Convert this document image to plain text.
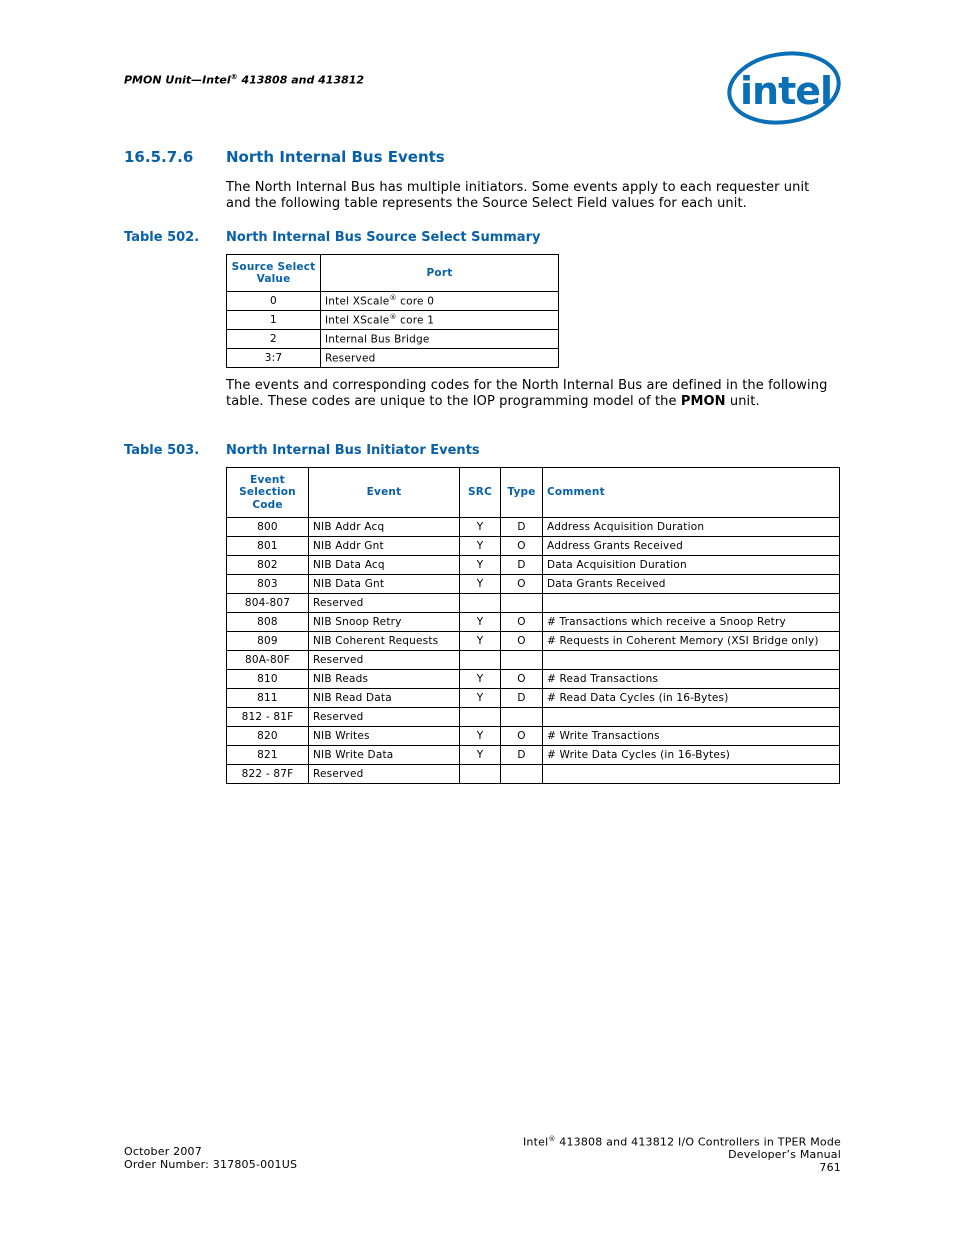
PMON Unit—Intel® 413808 and 413812	intel
16.5.7.6 North Internal Bus Events
The North Internal Bus has multiple initiators. Some events apply to each requester unit and the following table represents the Source Select Field values for each unit.
Table 502. North Internal Bus Source Select Summary
Source Select Value	Port
0	Intel XScale® core 0
1	Intel XScale® core 1
2	Internal Bus Bridge
3:7	Reserved
The events and corresponding codes for the North Internal Bus are defined in the following table. These codes are unique to the IOP programming model of the PMON unit.
Table 503. North Internal Bus Initiator Events
Event Selection Code	Event	SRC	Type	Comment
800	NIB Addr Acq	Y	D	Address Acquisition Duration
801	NIB Addr Gnt	Y	O	Address Grants Received
802	NIB Data Acq	Y	D	Data Acquisition Duration
803	NIB Data Gnt	Y	O	Data Grants Received
804-807	Reserved			
808	NIB Snoop Retry	Y	O	# Transactions which receive a Snoop Retry
809	NIB Coherent Requests	Y	O	# Requests in Coherent Memory (XSI Bridge only)
80A-80F	Reserved			
810	NIB Reads	Y	O	# Read Transactions
811	NIB Read Data	Y	D	# Read Data Cycles (in 16-Bytes)
812 - 81F	Reserved			
820	NIB Writes	Y	O	# Write Transactions
821	NIB Write Data	Y	D	# Write Data Cycles (in 16-Bytes)
822 - 87F	Reserved			
October 2007
Order Number: 317805-001US
Intel® 413808 and 413812 I/O Controllers in TPER Mode
Developer’s Manual
761
